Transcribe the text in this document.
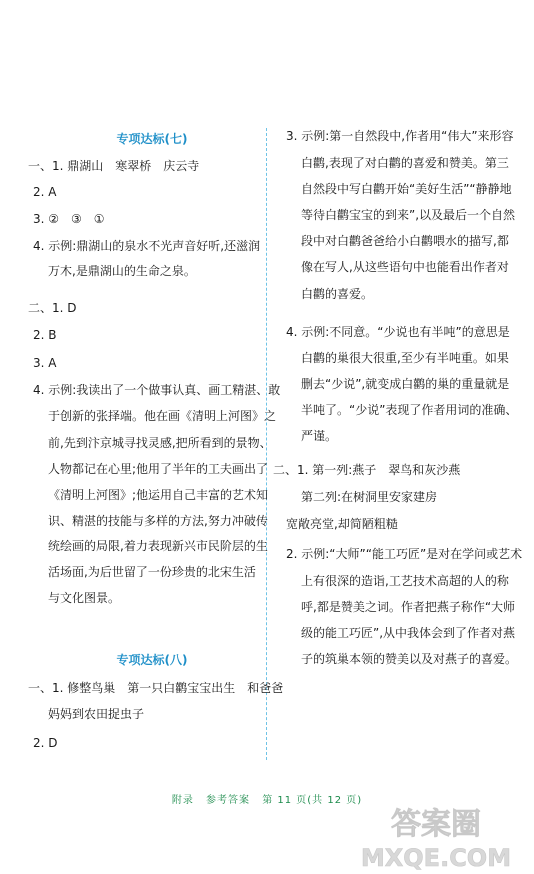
专项达标(七)
一、1. 鼎湖山　寒翠桥　庆云寺
2. A
3. ②　③　①
4. 示例:鼎湖山的泉水不光声音好听,还滋润
万木,是鼎湖山的生命之泉。
二、1. D
2. B
3. A
4. 示例:我读出了一个做事认真、画工精湛、敢
于创新的张择端。他在画《清明上河图》之
前,先到汴京城寻找灵感,把所看到的景物、
人物都记在心里;他用了半年的工夫画出了
《清明上河图》;他运用自己丰富的艺术知
识、精湛的技能与多样的方法,努力冲破传
统绘画的局限,着力表现新兴市民阶层的生
活场面,为后世留了一份珍贵的北宋生活
与文化图景。
专项达标(八)
一、1. 修整鸟巢　第一只白鹳宝宝出生　和爸爸
妈妈到农田捉虫子
2. D
3. 示例:第一自然段中,作者用“伟大”来形容
白鹳,表现了对白鹳的喜爱和赞美。第三
自然段中写白鹳开始“美好生活”“静静地
等待白鹳宝宝的到来”,以及最后一个自然
段中对白鹳爸爸给小白鹳喂水的描写,都
像在写人,从这些语句中也能看出作者对
白鹳的喜爱。
4. 示例:不同意。“少说也有半吨”的意思是
白鹳的巢很大很重,至少有半吨重。如果
删去“少说”,就变成白鹳的巢的重量就是
半吨了。“少说”表现了作者用词的准确、
严谨。
二、1. 第一列:燕子　翠鸟和灰沙燕
第二列:在树洞里安家建房
宽敞亮堂,却简陋粗糙
2. 示例:“大师”“能工巧匠”是对在学问或艺术
上有很深的造诣,工艺技术高超的人的称
呼,都是赞美之词。作者把燕子称作“大师
级的能工巧匠”,从中我体会到了作者对燕
子的筑巢本领的赞美以及对燕子的喜爱。
附录 参考答案 第 11 页(共 12 页)
答案圈
MXQE.COM
